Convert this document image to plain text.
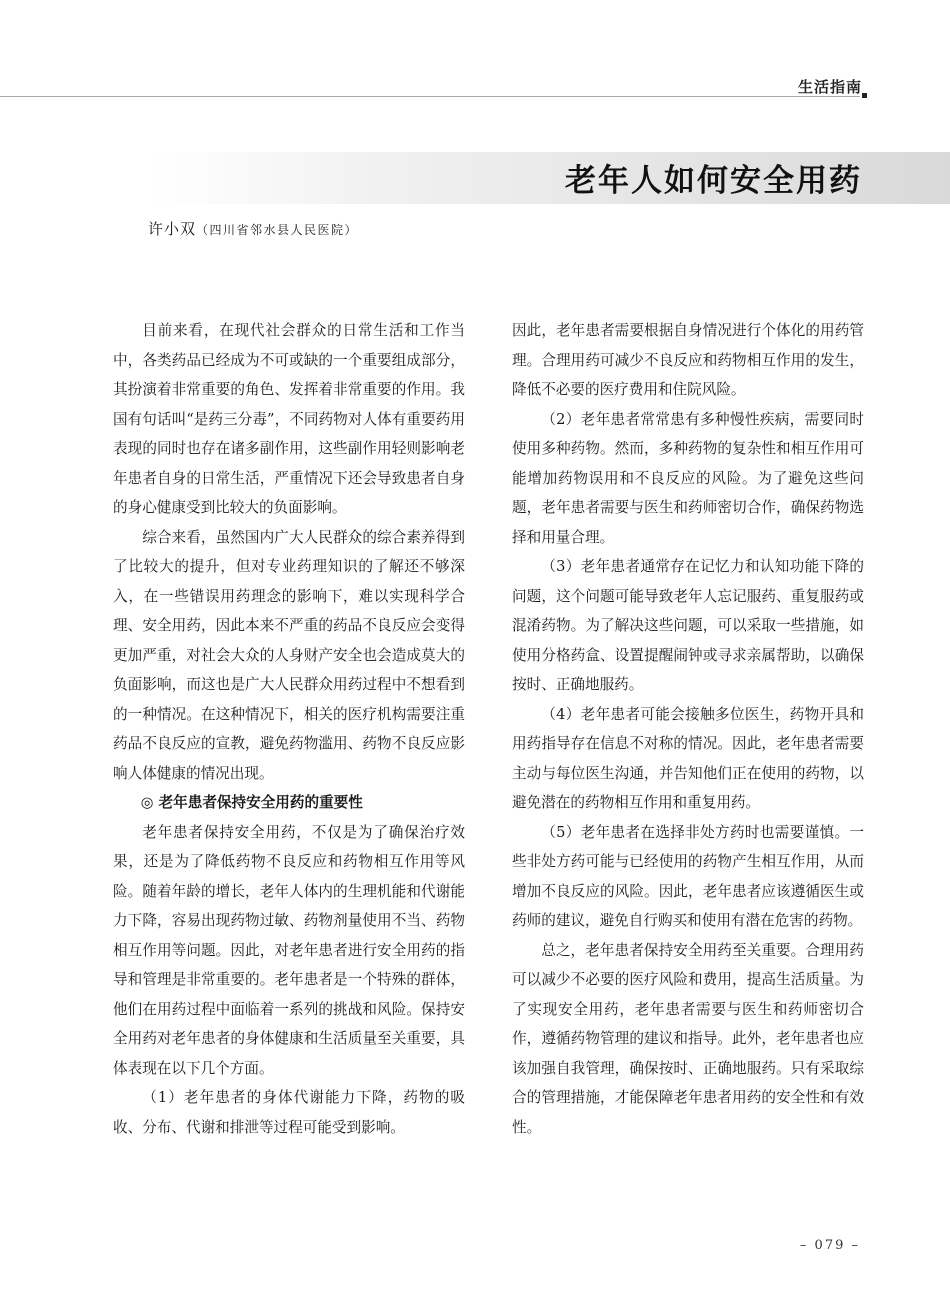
生活指南
老年人如何安全用药
许小双（四川省邻水县人民医院）

目前来看，在现代社会群众的日常生活和工作当中，各类药品已经成为不可或缺的一个重要组成部分，其扮演着非常重要的角色、发挥着非常重要的作用。我国有句话叫“是药三分毒”，不同药物对人体有重要药用表现的同时也存在诸多副作用，这些副作用轻则影响老年患者自身的日常生活，严重情况下还会导致患者自身的身心健康受到比较大的负面影响。

综合来看，虽然国内广大人民群众的综合素养得到了比较大的提升，但对专业药理知识的了解还不够深入，在一些错误用药理念的影响下，难以实现科学合理、安全用药，因此本来不严重的药品不良反应会变得更加严重，对社会大众的人身财产安全也会造成莫大的负面影响，而这也是广大人民群众用药过程中不想看到的一种情况。在这种情况下，相关的医疗机构需要注重药品不良反应的宣教，避免药物滥用、药物不良反应影响人体健康的情况出现。

◎ 老年患者保持安全用药的重要性

老年患者保持安全用药，不仅是为了确保治疗效果，还是为了降低药物不良反应和药物相互作用等风险。随着年龄的增长，老年人体内的生理机能和代谢能力下降，容易出现药物过敏、药物剂量使用不当、药物相互作用等问题。因此，对老年患者进行安全用药的指导和管理是非常重要的。老年患者是一个特殊的群体，他们在用药过程中面临着一系列的挑战和风险。保持安全用药对老年患者的身体健康和生活质量至关重要，具体表现在以下几个方面。

（1）老年患者的身体代谢能力下降，药物的吸收、分布、代谢和排泄等过程可能受到影响。

因此，老年患者需要根据自身情况进行个体化的用药管理。合理用药可减少不良反应和药物相互作用的发生，降低不必要的医疗费用和住院风险。

（2）老年患者常常患有多种慢性疾病，需要同时使用多种药物。然而，多种药物的复杂性和相互作用可能增加药物误用和不良反应的风险。为了避免这些问题，老年患者需要与医生和药师密切合作，确保药物选择和用量合理。

（3）老年患者通常存在记忆力和认知功能下降的问题，这个问题可能导致老年人忘记服药、重复服药或混淆药物。为了解决这些问题，可以采取一些措施，如使用分格药盒、设置提醒闹钟或寻求亲属帮助，以确保按时、正确地服药。

（4）老年患者可能会接触多位医生，药物开具和用药指导存在信息不对称的情况。因此，老年患者需要主动与每位医生沟通，并告知他们正在使用的药物，以避免潜在的药物相互作用和重复用药。

（5）老年患者在选择非处方药时也需要谨慎。一些非处方药可能与已经使用的药物产生相互作用，从而增加不良反应的风险。因此，老年患者应该遵循医生或药师的建议，避免自行购买和使用有潜在危害的药物。

总之，老年患者保持安全用药至关重要。合理用药可以减少不必要的医疗风险和费用，提高生活质量。为了实现安全用药，老年患者需要与医生和药师密切合作，遵循药物管理的建议和指导。此外，老年患者也应该加强自我管理，确保按时、正确地服药。只有采取综合的管理措施，才能保障老年患者用药的安全性和有效性。

– 079 –
